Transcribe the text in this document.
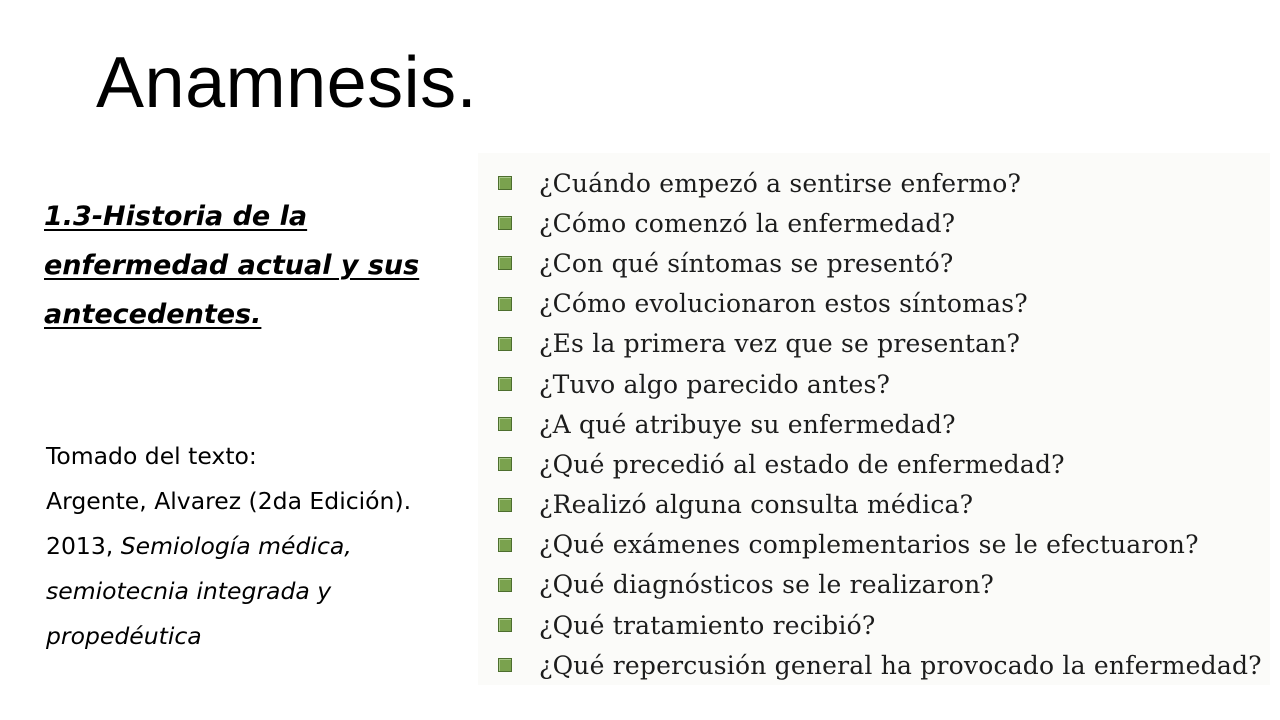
Anamnesis.
1.3-Historia de la enfermedad actual y sus antecedentes.
Tomado del texto:
Argente, Alvarez (2da Edición). 2013, Semiología médica, semiotecnia integrada y propedéutica
¿Cuándo empezó a sentirse enfermo?
¿Cómo comenzó la enfermedad?
¿Con qué síntomas se presentó?
¿Cómo evolucionaron estos síntomas?
¿Es la primera vez que se presentan?
¿Tuvo algo parecido antes?
¿A qué atribuye su enfermedad?
¿Qué precedió al estado de enfermedad?
¿Realizó alguna consulta médica?
¿Qué exámenes complementarios se le efectuaron?
¿Qué diagnósticos se le realizaron?
¿Qué tratamiento recibió?
¿Qué repercusión general ha provocado la enfermedad?
